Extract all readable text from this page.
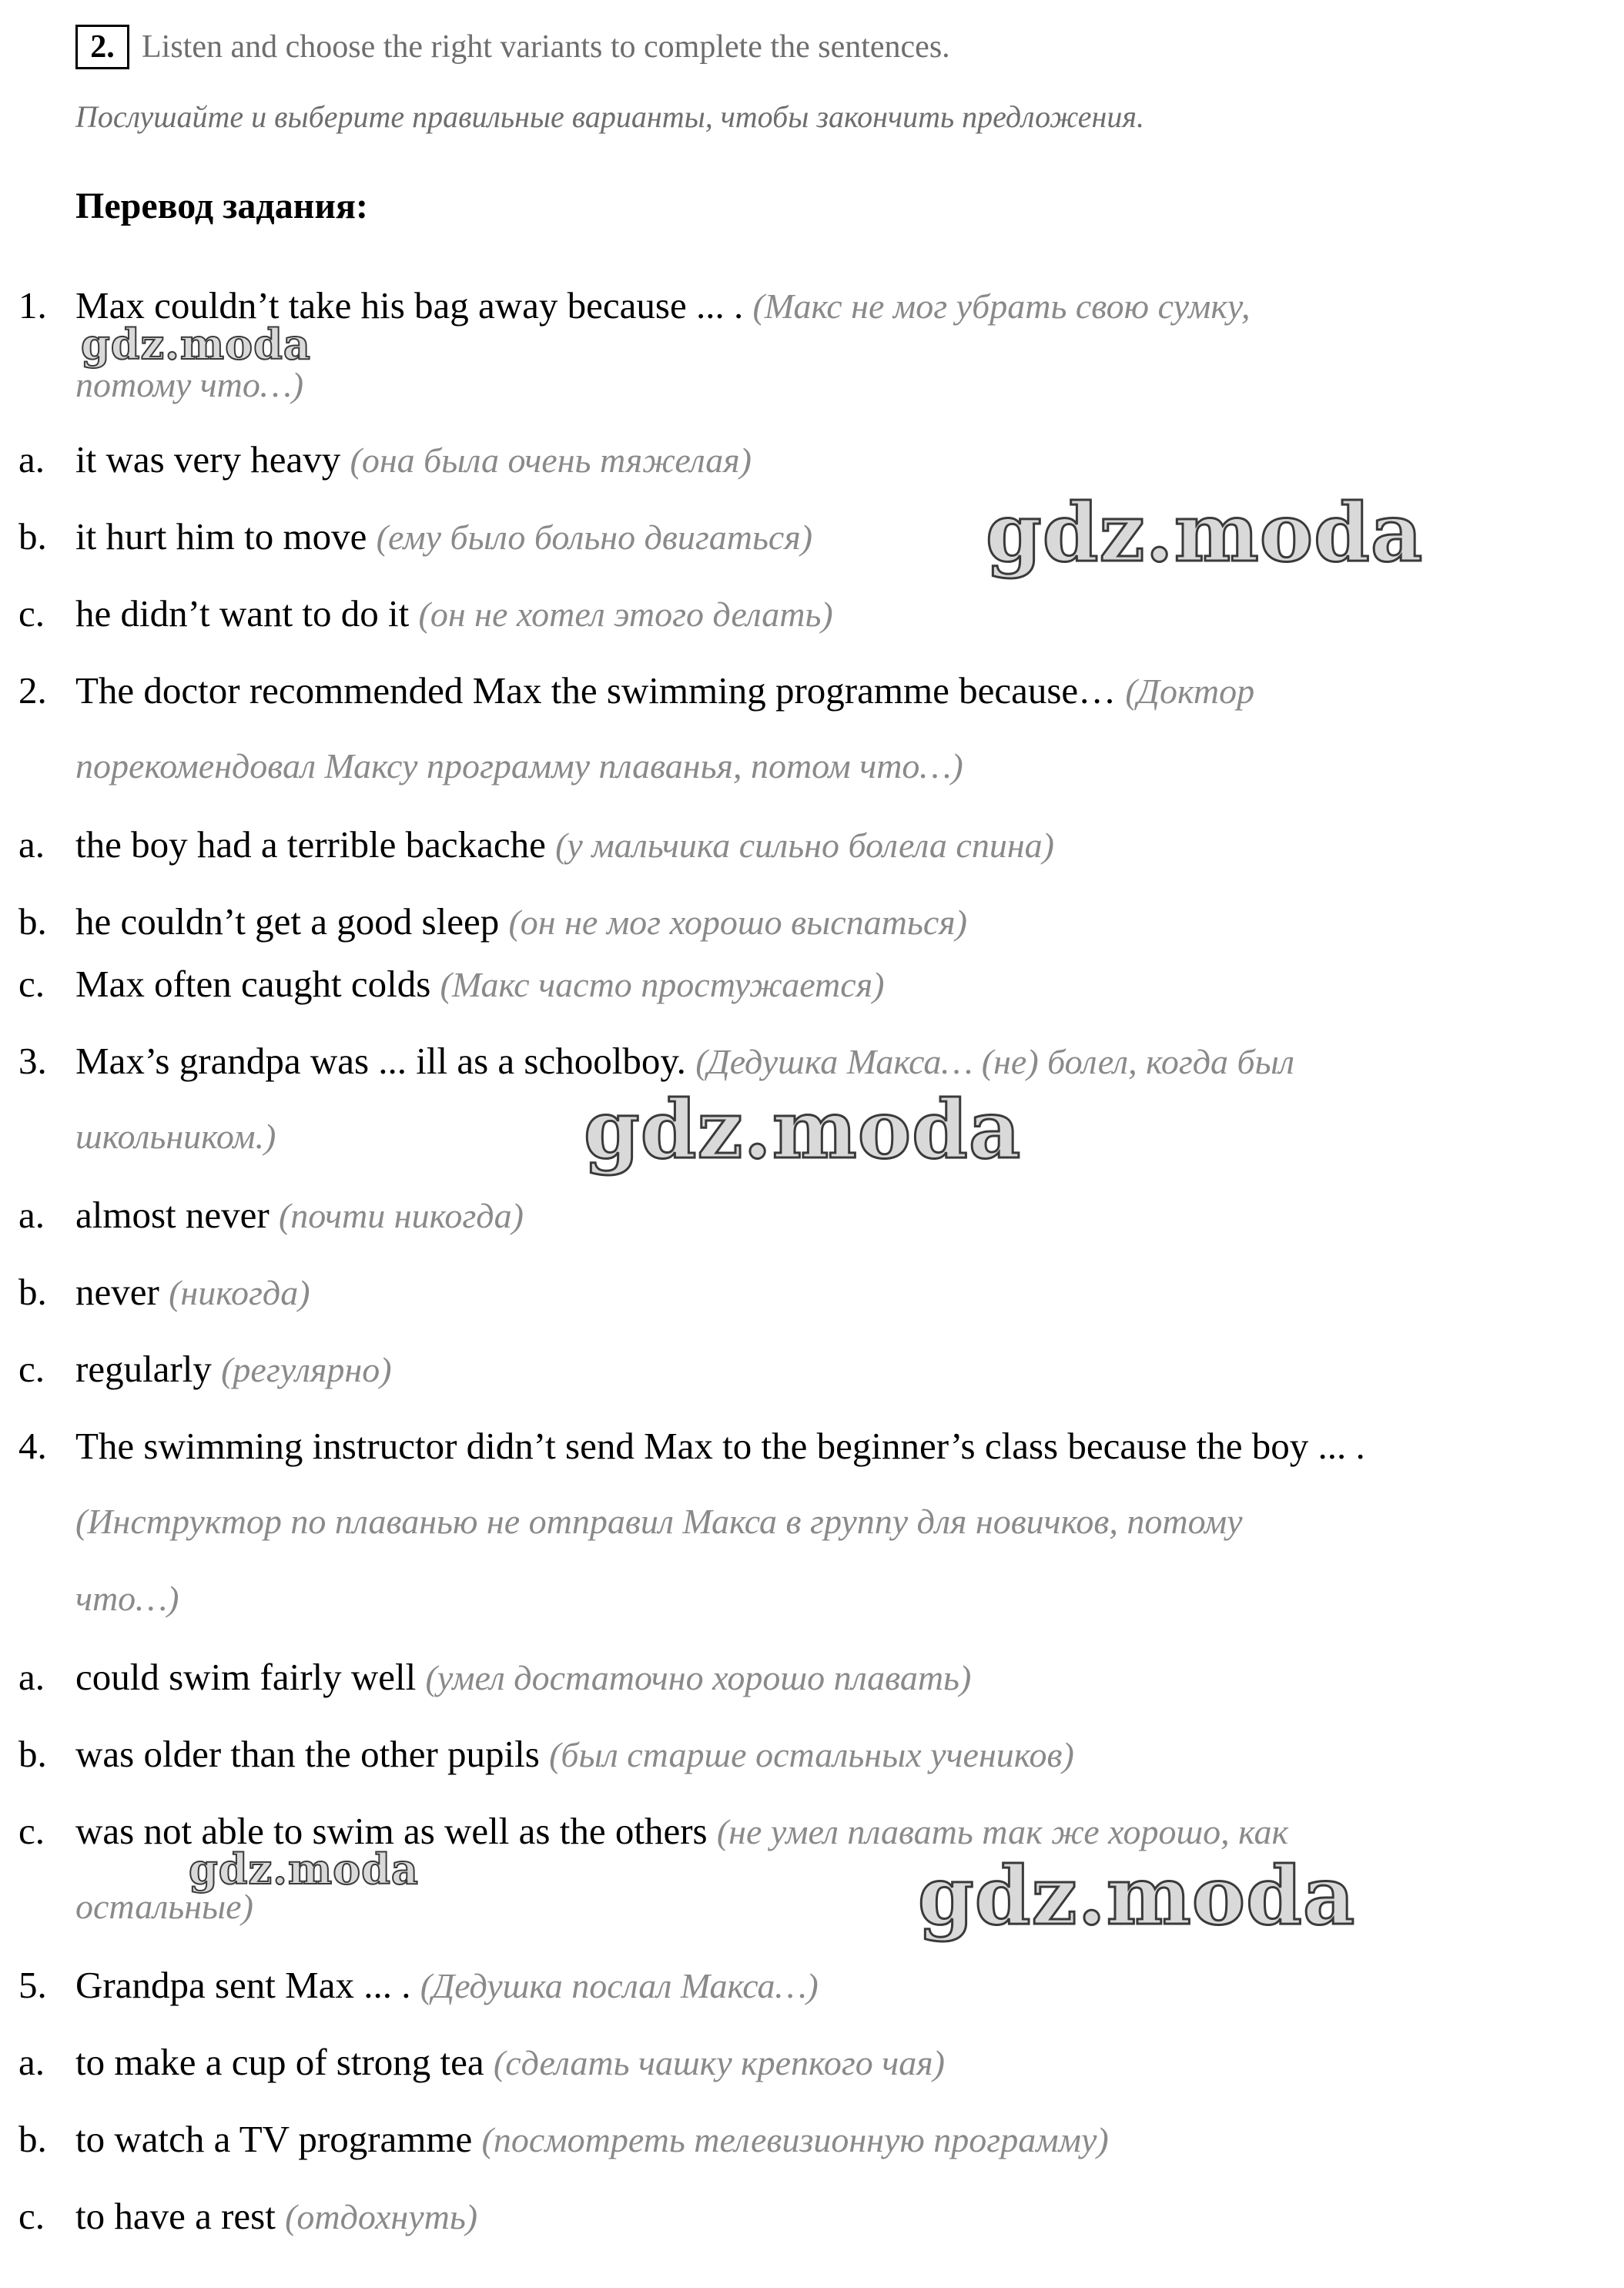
2. Listen and choose the right variants to complete the sentences.
Послушайте и выберите правильные варианты, чтобы закончить предложения.
Перевод задания:
1. Max couldn’t take his bag away because ... . (Макс не мог убрать свою сумку,
потому что…)
a. it was very heavy (она была очень тяжелая)
b. it hurt him to move (ему было больно двигаться)
c. he didn’t want to do it (он не хотел этого делать)
2. The doctor recommended Max the swimming programme because… (Доктор
порекомендовал Максу программу плаванья, потом что…)
a. the boy had a terrible backache (у мальчика сильно болела спина)
b. he couldn’t get a good sleep (он не мог хорошо выспаться)
c. Max often caught colds (Макс часто простужается)
3. Max’s grandpa was ... ill as a schoolboy. (Дедушка Макса… (не) болел, когда был
школьником.)
a. almost never (почти никогда)
b. never (никогда)
c. regularly (регулярно)
4. The swimming instructor didn’t send Max to the beginner’s class because the boy ... .
(Инструктор по плаванью не отправил Макса в группу для новичков, потому
что…)
a. could swim fairly well (умел достаточно хорошо плавать)
b. was older than the other pupils (был старше остальных учеников)
c. was not able to swim as well as the others (не умел плавать так же хорошо, как
остальные)
5. Grandpa sent Max ... . (Дедушка послал Макса…)
a. to make a cup of strong tea (сделать чашку крепкого чая)
b. to watch a TV programme (посмотреть телевизионную программу)
c. to have a rest (отдохнуть)
gdz.moda
gdz.moda
gdz.moda
gdz.moda	gdz.moda
